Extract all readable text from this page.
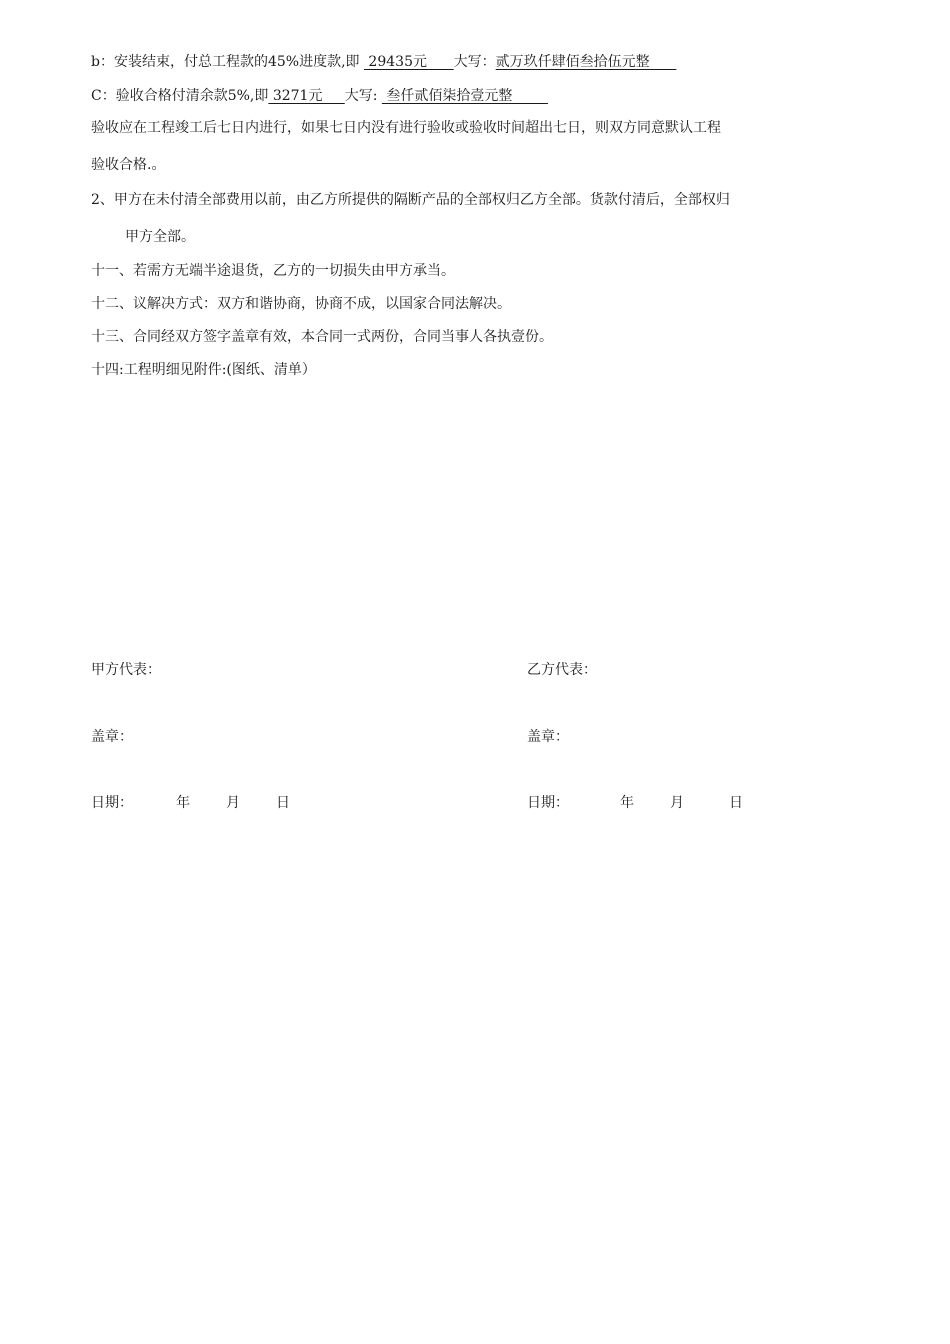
b：安装结束，付总工程款的45%进度款,即  29435元      大写：贰万玖仟肆佰叁拾伍元整
C：验收合格付清余款5%,即 3271元     大写:  叁仟贰佰柒拾壹元整
验收应在工程竣工后七日内进行，如果七日内没有进行验收或验收时间超出七日，则双方同意默认工程
验收合格.。
2、甲方在未付清全部费用以前，由乙方所提供的隔断产品的全部权归乙方全部。货款付清后，全部权归
甲方全部。
十一、若需方无端半途退货，乙方的一切损失由甲方承当。
十二、议解决方式：双方和谐协商，协商不成，以国家合同法解决。
十三、合同经双方签字盖章有效，本合同一式两份，合同当事人各执壹份。
十四:工程明细见附件:(图纸、清单）
甲方代表：
盖章：
日期：	年	月	日
乙方代表：
盖章：
日期：	年	月	日
